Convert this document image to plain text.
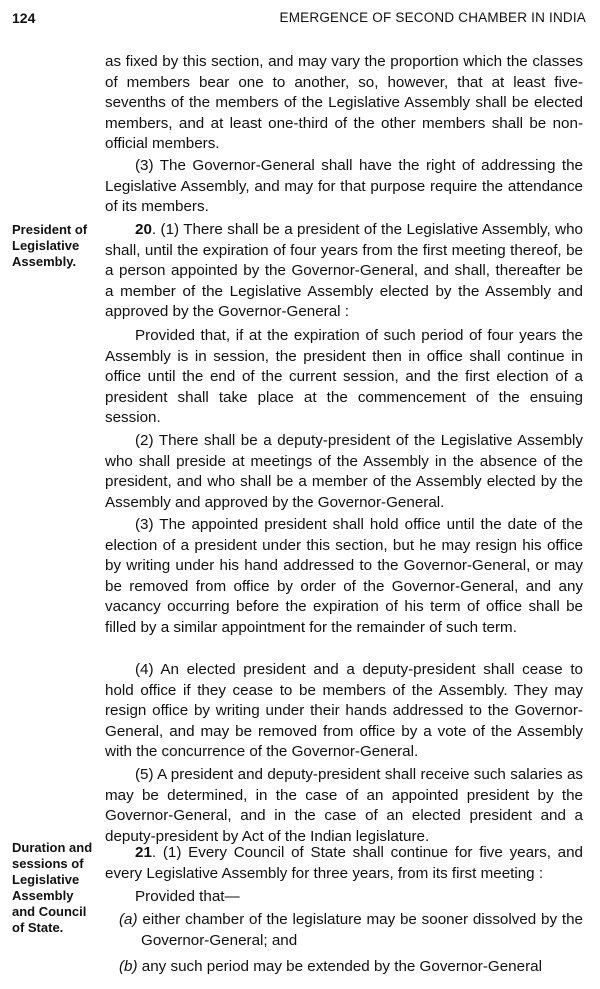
124	EMERGENCE OF SECOND CHAMBER IN INDIA
President of
Legislative
Assembly.
Duration and
sessions of
Legislative
Assembly
and Council
of State.

as fixed by this section, and may vary the proportion which the classes of members bear one to another, so, however, that at least five-sevenths of the members of the Legislative Assembly shall be elected members, and at least one-third of the other members shall be non-official members.

(3) The Governor-General shall have the right of addressing the Legislative Assembly, and may for that purpose require the attendance of its members.

20. (1) There shall be a president of the Legislative Assembly, who shall, until the expiration of four years from the first meeting thereof, be a person appointed by the Governor-General, and shall, thereafter be a member of the Legislative Assembly elected by the Assembly and approved by the Governor-General :

Provided that, if at the expiration of such period of four years the Assembly is in session, the president then in office shall continue in office until the end of the current session, and the first election of a president shall take place at the commencement of the ensuing session.

(2) There shall be a deputy-president of the Legislative Assembly who shall preside at meetings of the Assembly in the absence of the president, and who shall be a member of the Assembly elected by the Assembly and approved by the Governor-General.

(3) The appointed president shall hold office until the date of the election of a president under this section, but he may resign his office by writing under his hand addressed to the Governor-General, or may be removed from office by order of the Governor-General, and any vacancy occurring before the expiration of his term of office shall be filled by a similar appointment for the remainder of such term.

(4) An elected president and a deputy-president shall cease to hold office if they cease to be members of the Assembly. They may resign office by writing under their hands addressed to the Governor-General, and may be removed from office by a vote of the Assembly with the concurrence of the Governor-General.

(5) A president and deputy-president shall receive such salaries as may be determined, in the case of an appointed president by the Governor-General, and in the case of an elected president and a deputy-president by Act of the Indian legislature.

21. (1) Every Council of State shall continue for five years, and every Legislative Assembly for three years, from its first meeting :

Provided that—

(a) either chamber of the legislature may be sooner dissolved by the Governor-General; and

(b) any such period may be extended by the Governor-General
